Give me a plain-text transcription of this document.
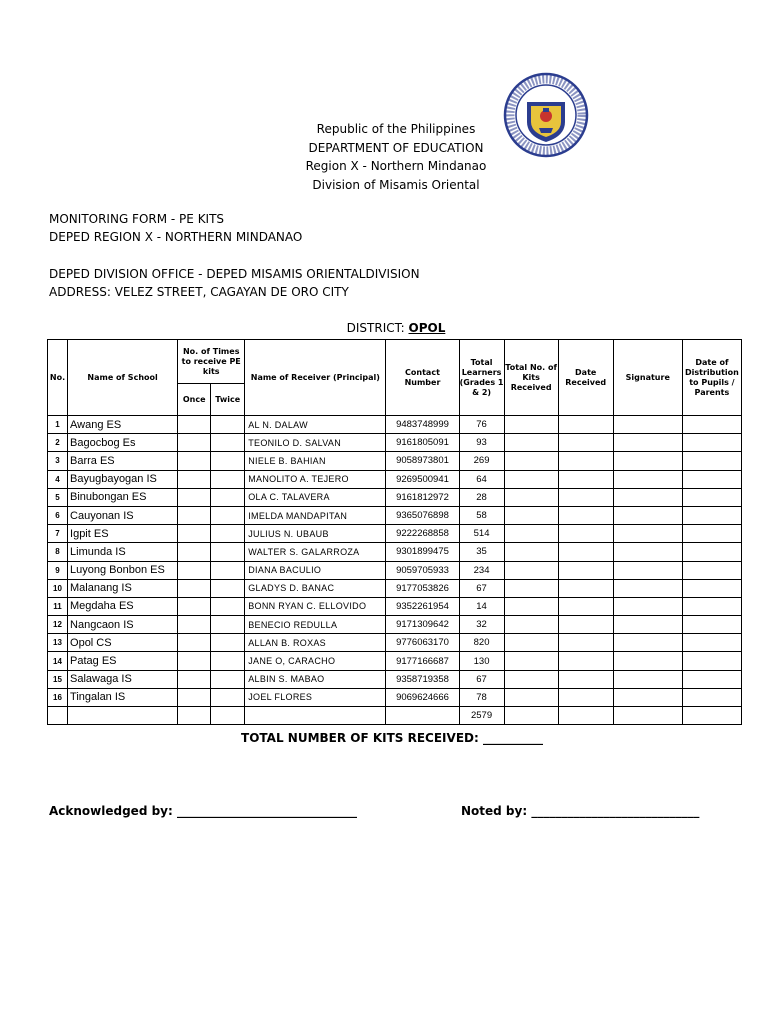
Republic of the Philippines
DEPARTMENT OF EDUCATION
Region X - Northern Mindanao
Division of Misamis Oriental
MONITORING FORM - PE KITS
DEPED REGION X - NORTHERN MINDANAO
DEPED DIVISION OFFICE - DEPED MISAMIS ORIENTALDIVISION
ADDRESS: VELEZ STREET, CAGAYAN DE ORO CITY
DISTRICT: OPOL
No.	Name of School	No. of Times to receive PE kits		Name of Receiver (Principal)	Contact Number	Total Learners (Grades 1 & 2)	Total No. of Kits Received	Date Received	Signature	Date of Distribution to Pupils / Parents
		Once	Twice							
1	Awang ES			AL N. DALAW	9483748999	76				
2	Bagocbog Es			TEONILO D. SALVAN	9161805091	93				
3	Barra ES			NIELE B. BAHIAN	9058973801	269				
4	Bayugbayogan IS			MANOLITO A. TEJERO	9269500941	64				
5	Binubongan ES			OLA C. TALAVERA	9161812972	28				
6	Cauyonan IS			IMELDA MANDAPITAN	9365076898	58				
7	Igpit ES			JULIUS N. UBAUB	9222268858	514				
8	Limunda IS			WALTER S. GALARROZA	9301899475	35				
9	Luyong Bonbon ES			DIANA BACULIO	9059705933	234				
10	Malanang IS			GLADYS D. BANAC	9177053826	67				
11	Megdaha ES			BONN RYAN C. ELLOVIDO	9352261954	14				
12	Nangcaon IS			BENECIO REDULLA	9171309642	32				
13	Opol CS			ALLAN B. ROXAS	9776063170	820				
14	Patag ES			JANE O, CARACHO	9177166687	130				
15	Salawaga IS			ALBIN S. MABAO	9358719358	67				
16	Tingalan IS			JOEL FLORES	9069624666	78				
						2579				
TOTAL NUMBER OF KITS RECEIVED: __________
Acknowledged by: ______________________________	Noted by: ____________________________
